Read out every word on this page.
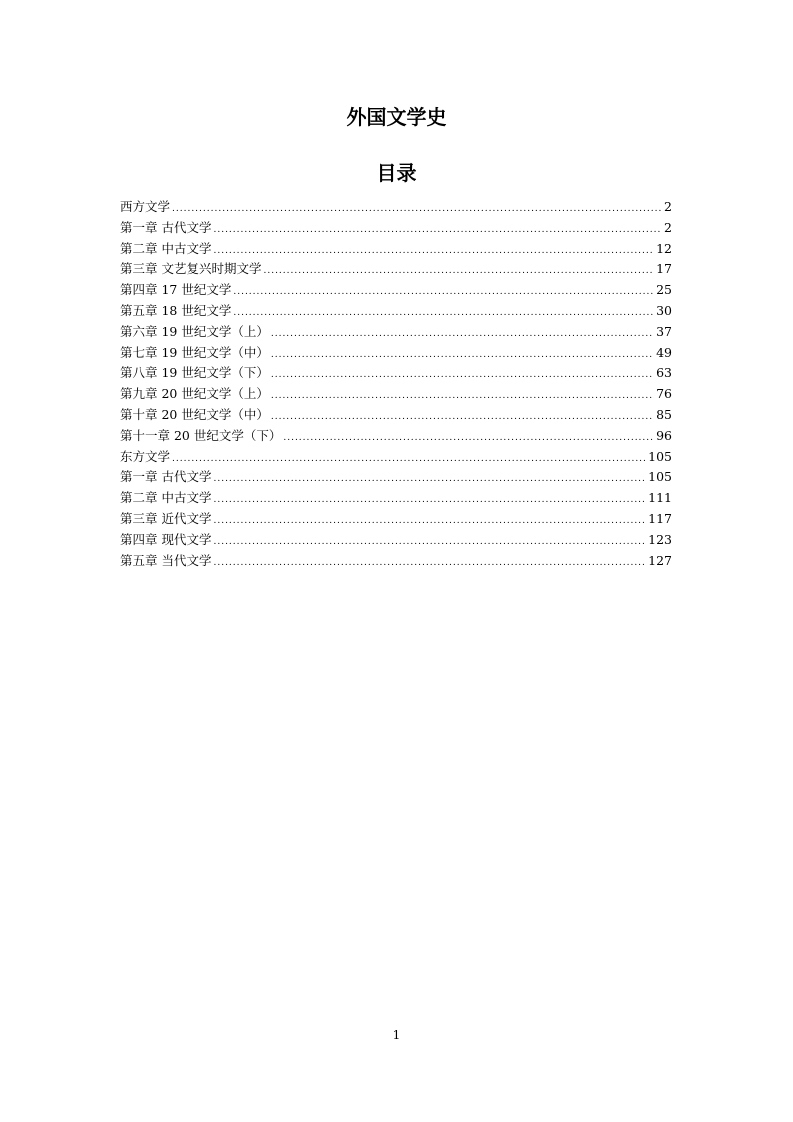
外国文学史
目录
西方文学 .....	2
第一章 古代文学 .....	2
第二章 中古文学 .....	12
第三章 文艺复兴时期文学 .....	17
第四章 17 世纪文学 .....	25
第五章 18 世纪文学 .....	30
第六章 19 世纪文学（上） .....	37
第七章 19 世纪文学（中） .....	49
第八章 19 世纪文学（下） .....	63
第九章 20 世纪文学（上） .....	76
第十章 20 世纪文学（中） .....	85
第十一章 20 世纪文学（下） .....	96
东方文学 .....	105
第一章 古代文学 .....	105
第二章 中古文学 .....	111
第三章 近代文学 .....	117
第四章 现代文学 .....	123
第五章 当代文学 .....	127
1
